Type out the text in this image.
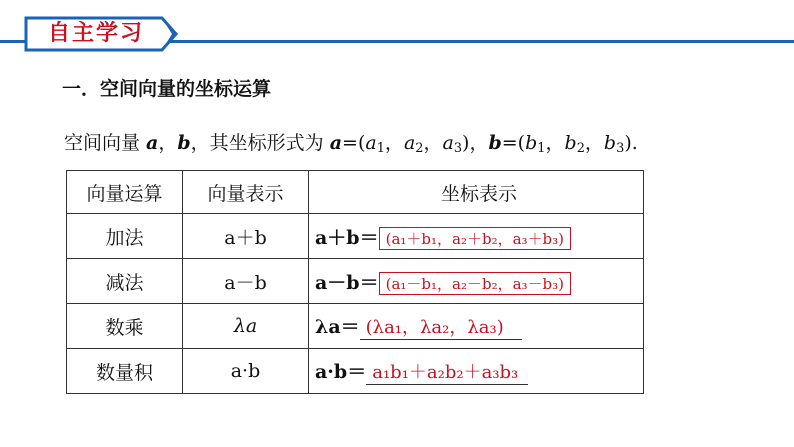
自主学习
一．空间向量的坐标运算
空间向量 a，b，其坐标形式为 $a=(a_1$，$a_2$，$a_3$)，$b=(b_1$，$b_2$，$b_3$).
向量运算	向量表示	坐标表示
加法	a＋b	a＋b＝ (a₁＋b₁，a₂＋b₂，a₃＋b₃)
减法	a－b	a－b＝ (a₁－b₁，a₂－b₂，a₃－b₃)
数乘	λa	λa＝ (λa₁，λa₂，λa₃)
数量积	a·b	a·b＝ a₁b₁＋a₂b₂＋a₃b₃
